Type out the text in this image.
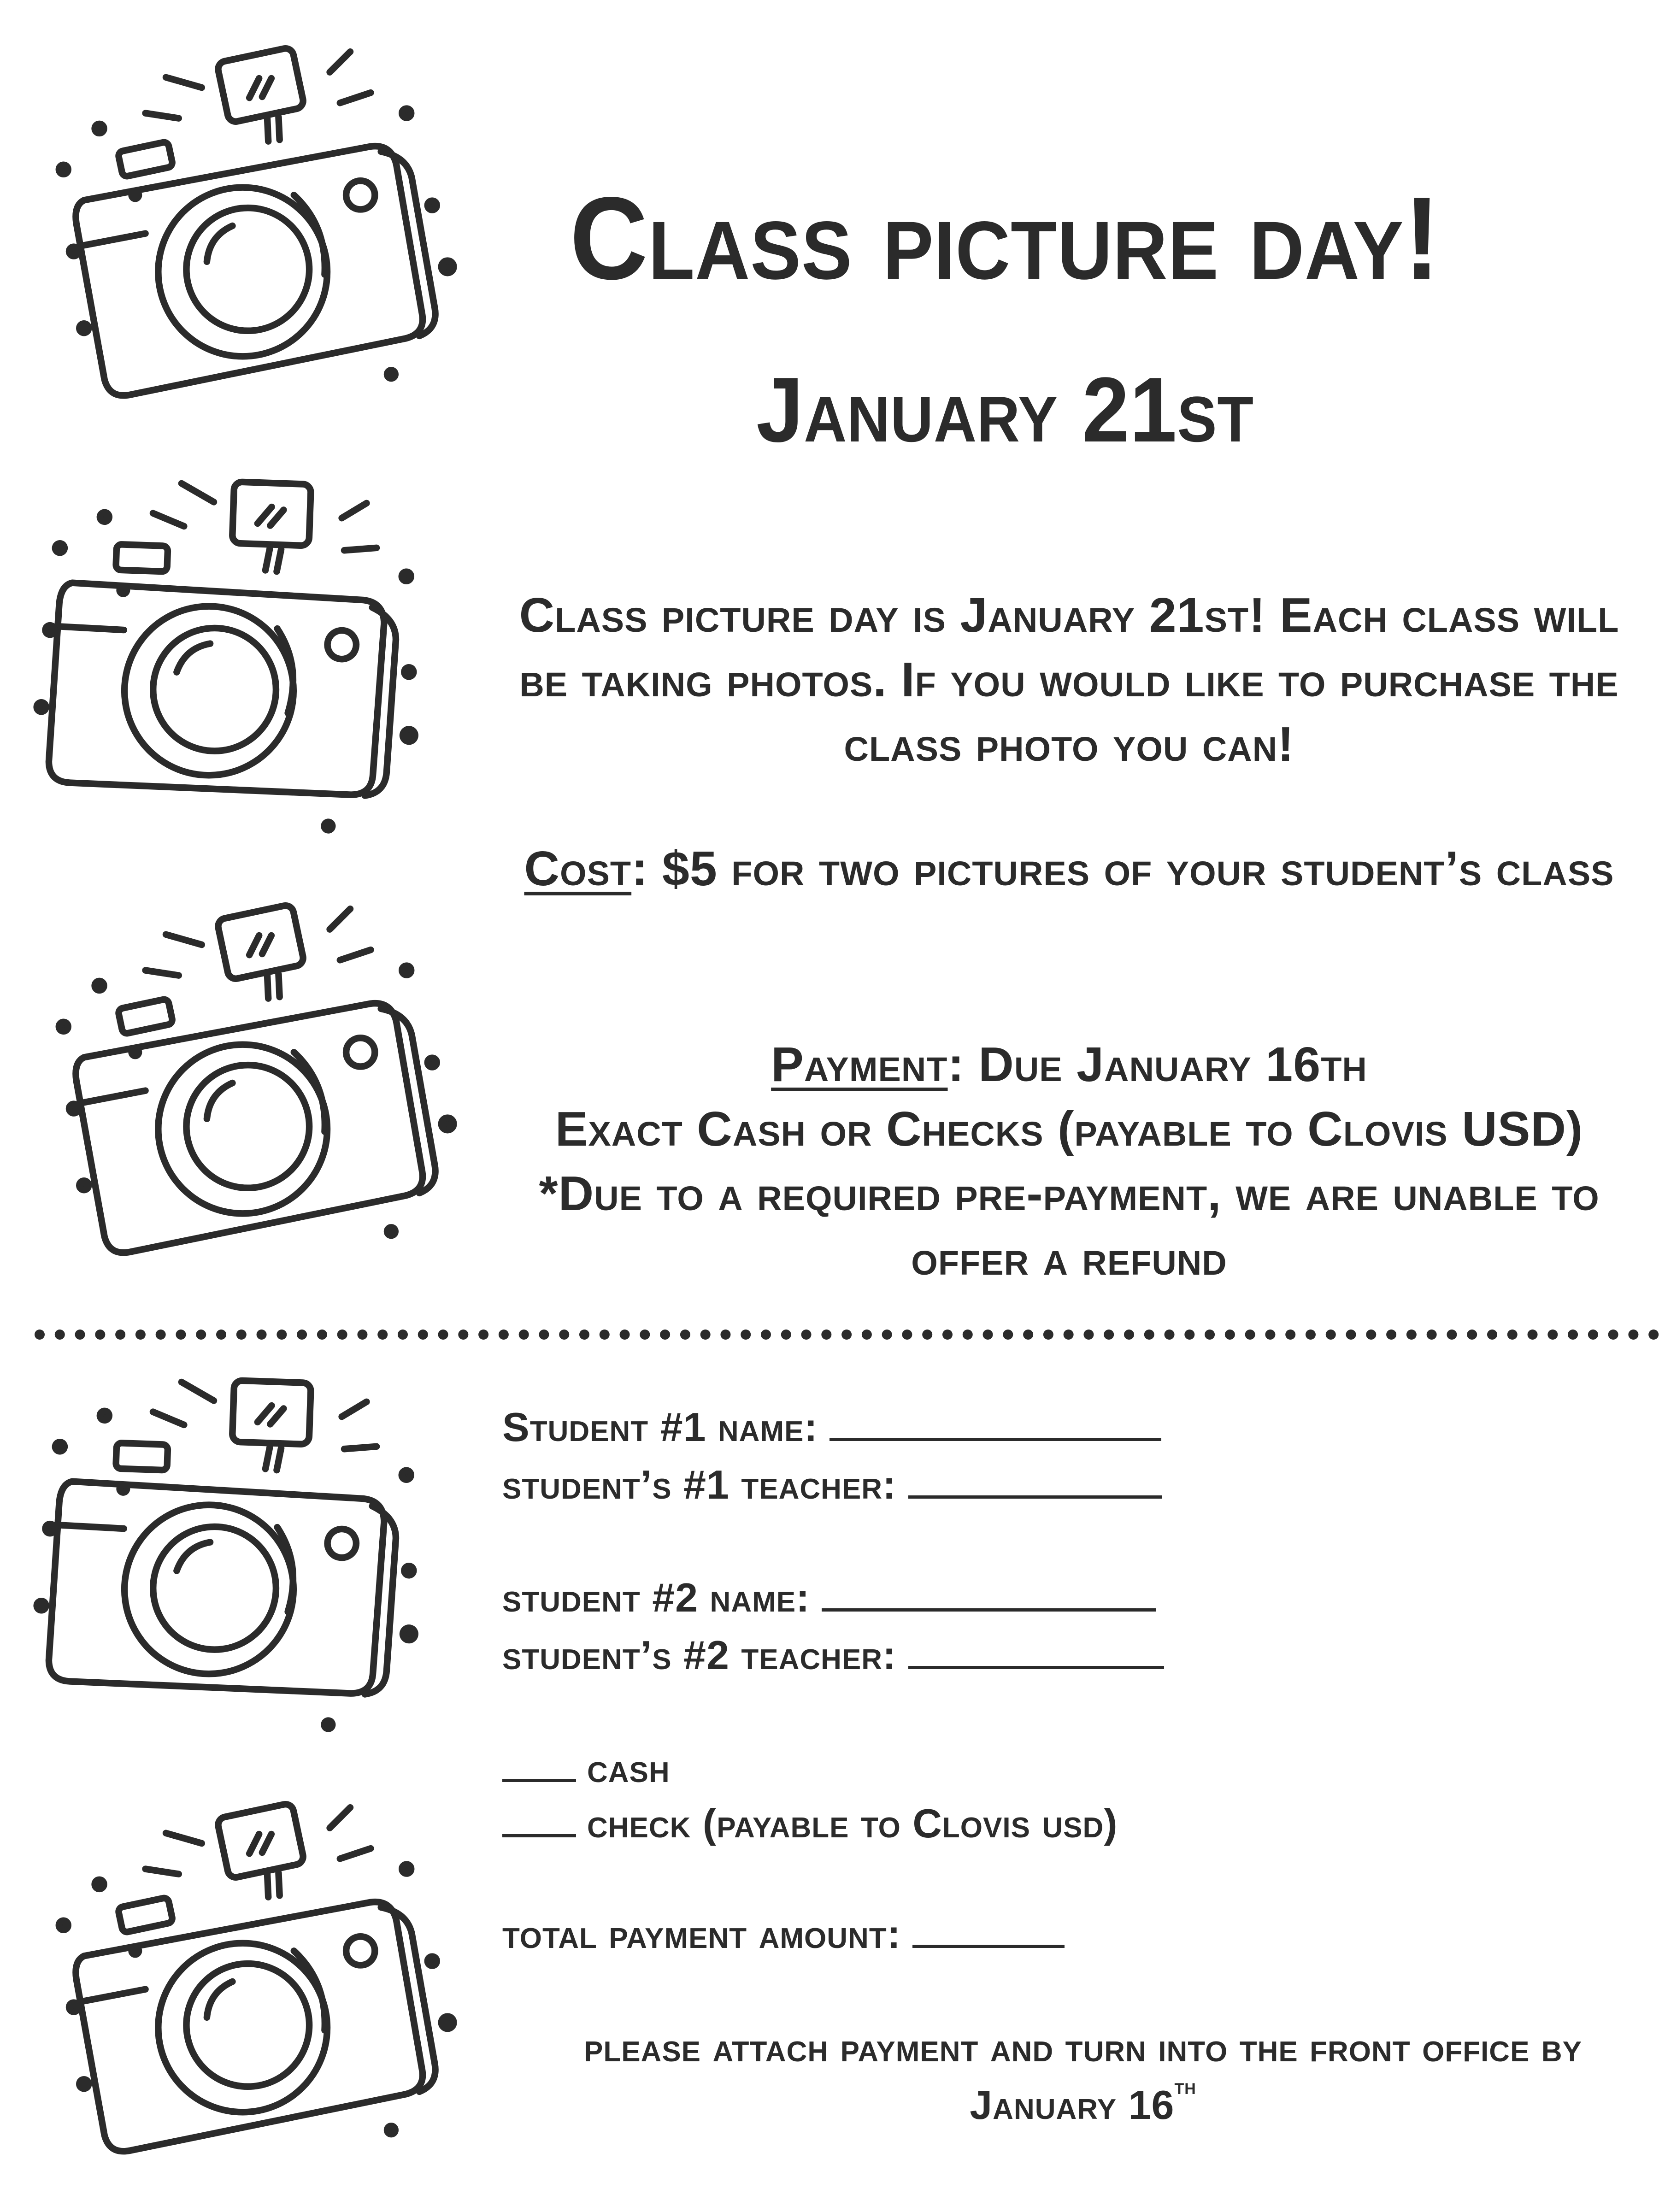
Class picture day!
January 21st

Class picture day is January 21st! Each class will be taking photos. If you would like to purchase the class photo you can!

Cost: $5 for two pictures of your student’s class

Payment: Due January 16th
Exact Cash or Checks (payable to Clovis USD)
*Due to a required pre-payment, we are unable to offer a refund
Student #1 name:
student’s #1 teacher:
student #2 name:
student’s #2 teacher:
cash
check (payable to Clovis usd)
total payment amount:
please attach payment and turn into the front office by
January 16th
